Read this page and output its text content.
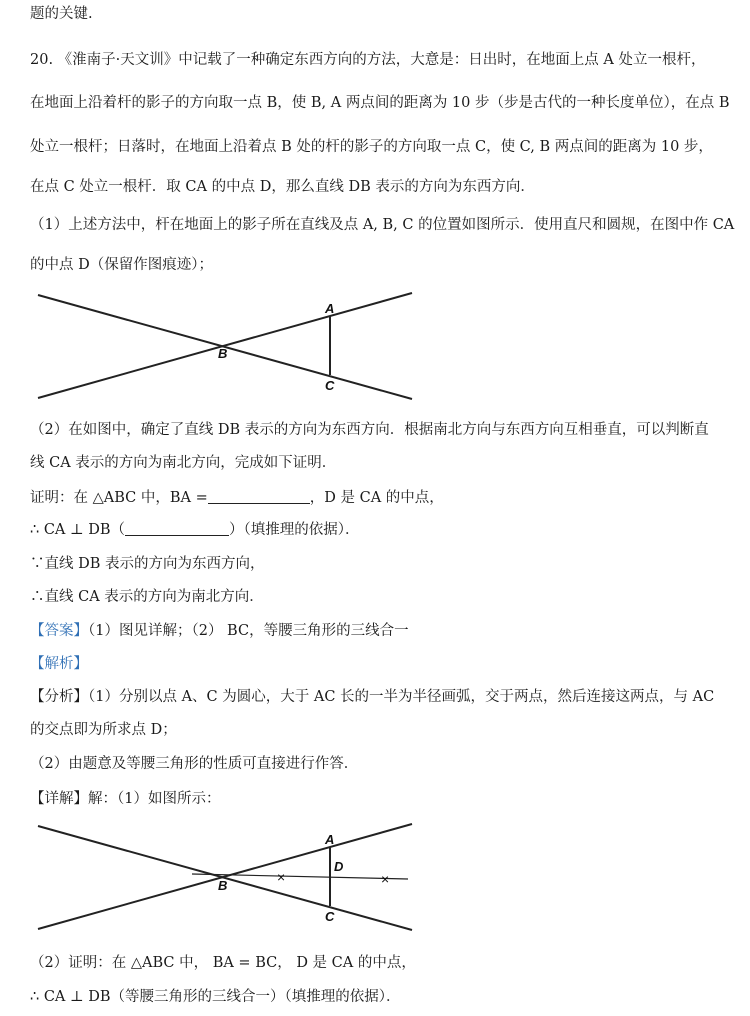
题的关键.
20. 《淮南子·天文训》中记载了一种确定东西方向的方法，大意是：日出时，在地面上点 A 处立一根杆，
在地面上沿着杆的影子的方向取一点 B，使 B, A 两点间的距离为 10 步（步是古代的一种长度单位），在点 B
处立一根杆；日落时，在地面上沿着点 B 处的杆的影子的方向取一点 C，使 C, B 两点间的距离为 10 步，
在点 C 处立一根杆．取 CA 的中点 D，那么直线 DB 表示的方向为东西方向．
（1）上述方法中，杆在地面上的影子所在直线及点 A, B, C 的位置如图所示．使用直尺和圆规，在图中作 CA
的中点 D（保留作图痕迹）；
A
B
C
（2）在如图中，确定了直线 DB 表示的方向为东西方向．根据南北方向与东西方向互相垂直，可以判断直
线 CA 表示的方向为南北方向，完成如下证明．
证明：在 △ABC 中，BA =	，D 是 CA 的中点，
∴ CA ⊥ DB（	）（填推理的依据）．
∵直线 DB 表示的方向为东西方向，
∴直线 CA 表示的方向为南北方向．
【答案】（1）图见详解；（2） BC，等腰三角形的三线合一
【解析】
【分析】（1）分别以点 A、C 为圆心，大于 AC 长的一半为半径画弧，交于两点，然后连接这两点，与 AC
的交点即为所求点 D；
（2）由题意及等腰三角形的性质可直接进行作答．
【详解】解：（1）如图所示：
×	×
A
D
B
C
（2）证明：在 △ABC 中， BA = BC， D 是 CA 的中点，
∴ CA ⊥ DB（等腰三角形的三线合一）（填推理的依据）．
